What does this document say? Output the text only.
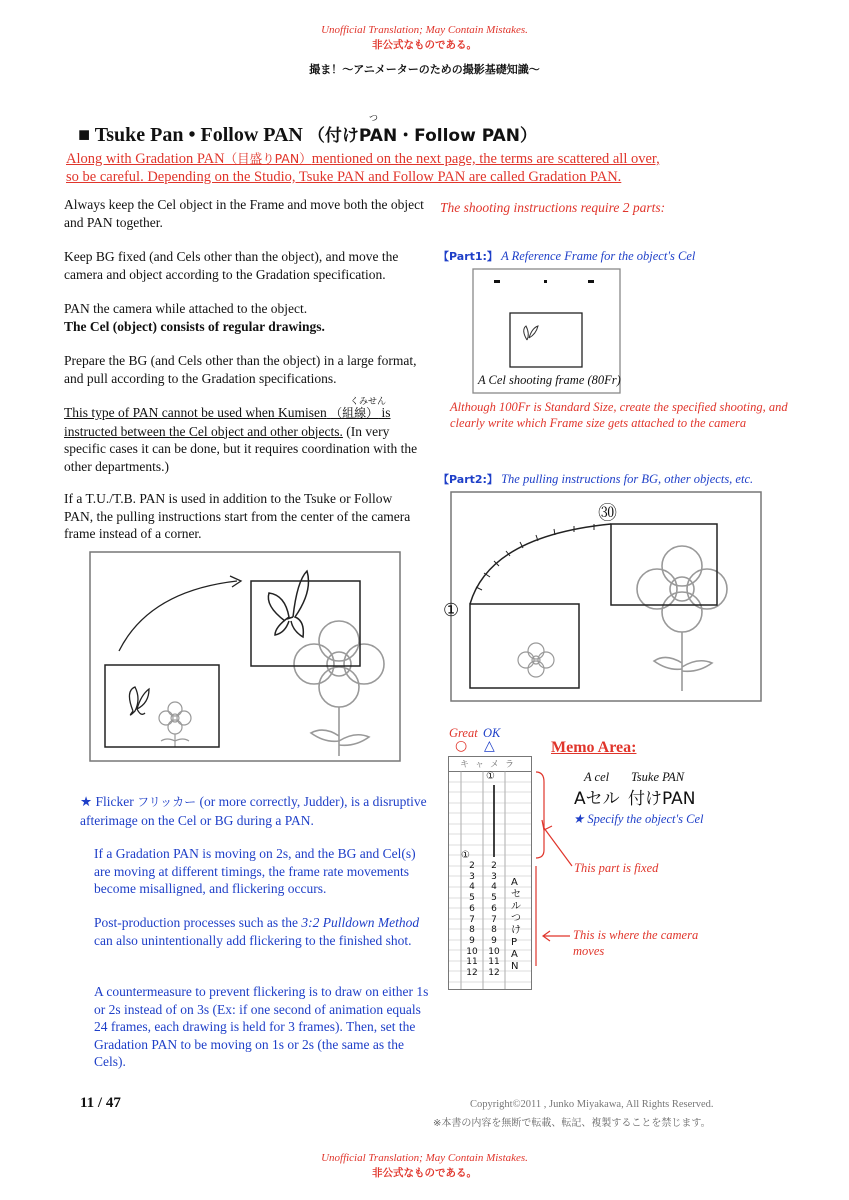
Unofficial Translation; May Contain Mistakes.
非公式なものである。
撮ま！～アニメーターのための撮影基礎知識～
■ Tsuke Pan • Follow PAN （付けPAN・Follow PAN）
つ
Along with Gradation PAN（目盛りPAN）mentioned on the next page, the terms are scattered all over,
so be careful. Depending on the Studio, Tsuke PAN and Follow PAN are called Gradation PAN.
Always keep the Cel object in the Frame and move both the object and PAN together.
Keep BG fixed (and Cels other than the object), and move the camera and object according to the Gradation specification.
PAN the camera while attached to the object.
The Cel (object) consists of regular drawings.
Prepare the BG (and Cels other than the object) in a large format, and pull according to the Gradation specifications.
くみせん
This type of PAN cannot be used when Kumisen （組線） is instructed between the Cel object and other objects. (In very specific cases it can be done, but it requires coordination with the other departments.)
If a T.U./T.B. PAN is used in addition to the Tsuke or Follow PAN, the pulling instructions start from the center of the camera frame instead of a corner.
★ Flicker フリッカー (or more correctly, Judder), is a disruptive afterimage on the Cel or BG during a PAN.
If a Gradation PAN is moving on 2s, and the BG and Cel(s) are moving at different timings, the frame rate movements become misalligned, and flickering occurs.
Post-production processes such as the 3:2 Pulldown Method can also unintentionally add flickering to the finished shot.
A countermeasure to prevent flickering is to draw on either 1s or 2s instead of on 3s (Ex: if one second of animation equals 24 frames, each drawing is held for 3 frames). Then, set the Gradation PAN to be moving on 1s or 2s (the same as the Cels).
The shooting instructions require 2 parts:
【Part1:】 A Reference Frame for the object's Cel
A Cel shooting frame (80Fr)
Although 100Fr is Standard Size, create the specified shooting, and clearly write which Frame size gets attached to the camera
【Part2:】 The pulling instructions for BG, other objects, etc.
①
㉚
Great OK
○ △	Memo Area:
A cel Tsuke PAN
Aセル 付けPAN
★ Specify the object's Cel
キャメラ
①
①
2
3
4
5
6
7
8
9
10
11
12
2
3
4
5
6
7
8
9
10
11
12
Aセルつけ PAN
This part is fixed
This is where the camera moves
11 / 47	Copyright©2011 , Junko Miyakawa, All Rights Reserved.
※本書の内容を無断で転載、転記、複製することを禁じます。
Unofficial Translation; May Contain Mistakes.
非公式なものである。
